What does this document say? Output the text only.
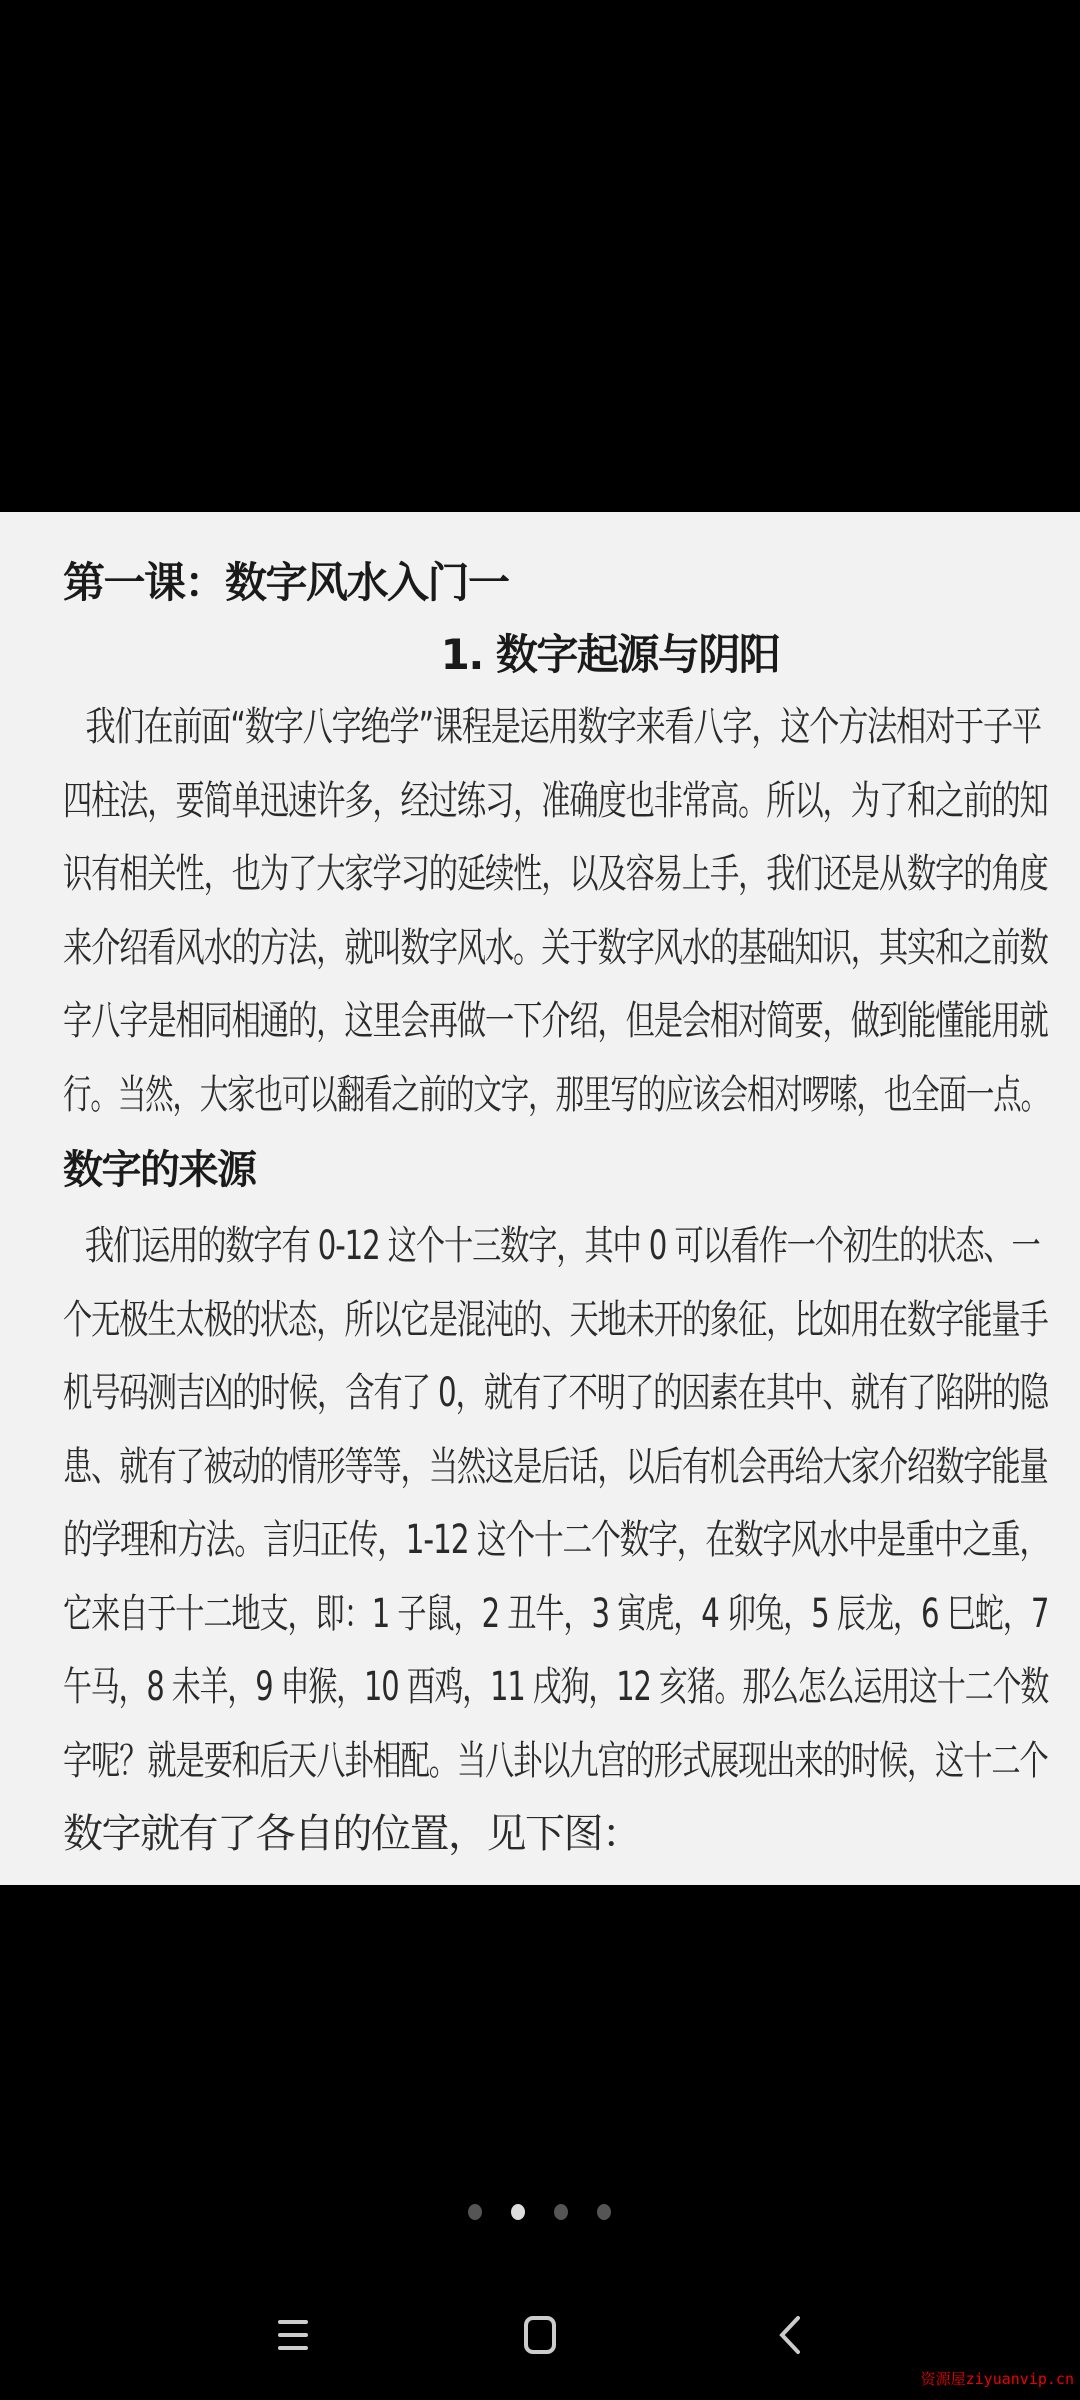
第一课：数字风水入门一
1. 数字起源与阴阳
我们在前面“数字八字绝学”课程是运用数字来看八字，这个方法相对于子平
四柱法，要简单迅速许多，经过练习，准确度也非常高。所以，为了和之前的知
识有相关性，也为了大家学习的延续性，以及容易上手，我们还是从数字的角度
来介绍看风水的方法，就叫数字风水。关于数字风水的基础知识，其实和之前数
字八字是相同相通的，这里会再做一下介绍，但是会相对简要，做到能懂能用就
行。当然，大家也可以翻看之前的文字，那里写的应该会相对啰嗦，也全面一点。
数字的来源
我们运用的数字有 0-12 这个十三数字，其中 0 可以看作一个初生的状态、一
个无极生太极的状态，所以它是混沌的、天地未开的象征，比如用在数字能量手
机号码测吉凶的时候，含有了 0，就有了不明了的因素在其中、就有了陷阱的隐
患、就有了被动的情形等等，当然这是后话，以后有机会再给大家介绍数字能量
的学理和方法。言归正传，1-12 这个十二个数字，在数字风水中是重中之重，
它来自于十二地支，即：1 子鼠，2 丑牛，3 寅虎，4 卯兔，5 辰龙，6 巳蛇，7
午马，8 未羊，9 申猴，10 酉鸡，11 戌狗，12 亥猪。那么怎么运用这十二个数
字呢？就是要和后天八卦相配。当八卦以九宫的形式展现出来的时候，这十二个
数字就有了各自的位置，见下图：
资源屋ziyuanvip.cn
